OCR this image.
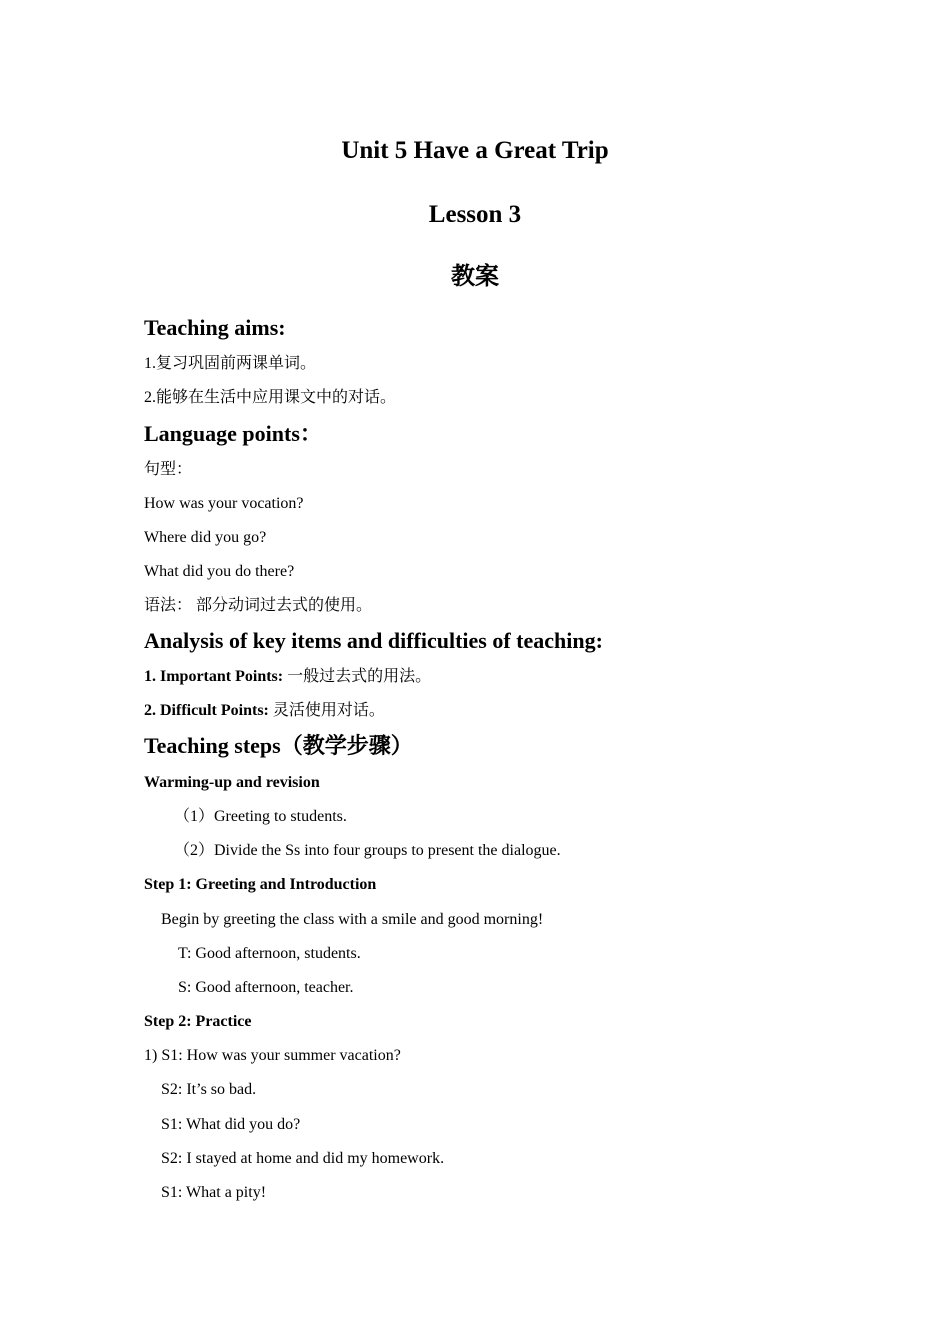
Unit 5 Have a Great Trip
Lesson 3
教案
Teaching aims:
1.复习巩固前两课单词。
2.能够在生活中应用课文中的对话。
Language points：
句型：
How was your vocation?
Where did you go?
What did you do there?
语法： 部分动词过去式的使用。
Analysis of key items and difficulties of teaching:
1. Important Points: 一般过去式的用法。
2. Difficult Points: 灵活使用对话。
Teaching steps（教学步骤）
Warming-up and revision
（1）Greeting to students.
（2）Divide the Ss into four groups to present the dialogue.
Step 1: Greeting and Introduction
Begin by greeting the class with a smile and good morning!
T: Good afternoon, students.
S: Good afternoon, teacher.
Step 2: Practice
1) S1: How was your summer vacation?
S2: It’s so bad.
S1: What did you do?
S2: I stayed at home and did my homework.
S1: What a pity!
